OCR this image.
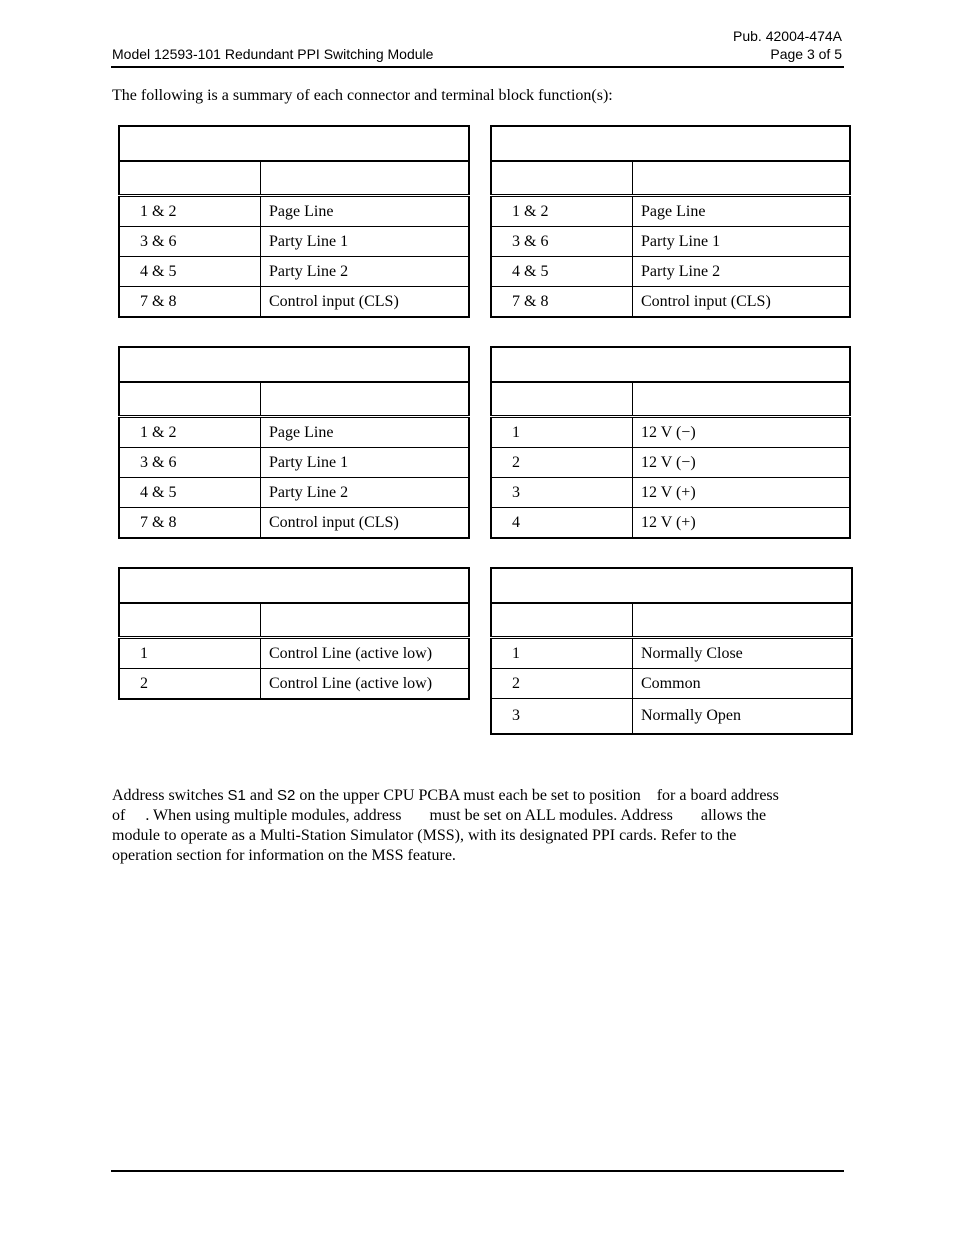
Pub. 42004-474A
Model 12593-101 Redundant PPI Switching Module	Page 3 of 5
The following is a summary of each connector and terminal block function(s):

1 & 2	Page Line
3 & 6	Party Line 1
4 & 5	Party Line 2
7 & 8	Control input (CLS)

1 & 2	Page Line
3 & 6	Party Line 1
4 & 5	Party Line 2
7 & 8	Control input (CLS)

1 & 2	Page Line
3 & 6	Party Line 1
4 & 5	Party Line 2
7 & 8	Control input (CLS)

1	12 V (−)
2	12 V (−)
3	12 V (+)
4	12 V (+)

1	Control Line (active low)
2	Control Line (active low)

1	Normally Close
2	Common
3	Normally Open
Address switches S1 and S2 on the upper CPU PCBA must each be set to position    for a board address
of     . When using multiple modules, address       must be set on ALL modules. Address       allows the
module to operate as a Multi-Station Simulator (MSS), with its designated PPI cards. Refer to the
operation section for information on the MSS feature.
